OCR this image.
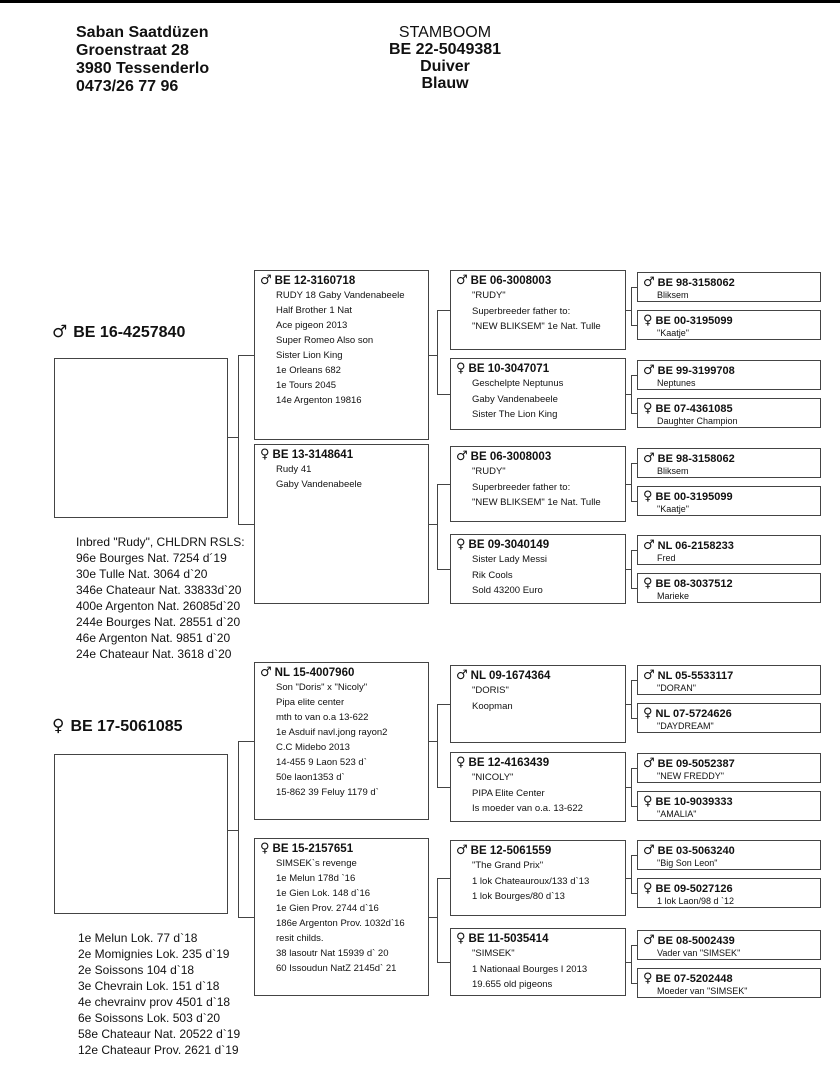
Saban Saatdüzen
Groenstraat 28
3980 Tessenderlo
0473/26 77 96
STAMBOOM
BE 22-5049381
Duiver
Blauw
♂ BE 16-4257840
Inbred "Rudy", CHLDRN RSLS:
96e Bourges Nat. 7254 d´19
30e Tulle Nat. 3064 d`20
346e Chateaur Nat. 33833d`20
400e Argenton Nat. 26085d`20
244e Bourges Nat. 28551 d`20
46e Argenton Nat. 9851 d`20
24e Chateaur Nat. 3618 d`20
♀ BE 17-5061085
1e Melun Lok. 77 d`18
2e Momignies Lok. 235 d`19
2e Soissons 104 d`18
3e Chevrain Lok. 151 d`18
4e chevrainv prov 4501 d`18
6e Soissons Lok. 503 d`20
58e Chateaur Nat. 20522 d`19
12e Chateaur Prov. 2621 d`19
♂ BE 12-3160718
RUDY 18 Gaby Vandenabeele
Half Brother 1 Nat
Ace pigeon 2013
Super Romeo Also son
Sister Lion King
1e Orleans 682
1e Tours 2045
14e Argenton 19816
♀ BE 13-3148641
Rudy 41
Gaby Vandenabeele
♂ NL 15-4007960
Son "Doris" x "Nicoly"
Pipa elite center
mth to van o.a 13-622
1e Asduif navl.jong rayon2
C.C Midebo 2013
14-455 9 Laon 523 d`
50e laon1353 d`
15-862 39 Feluy 1179 d`
♀ BE 15-2157651
SIMSEK`s revenge
1e Melun 178d `16
1e Gien Lok. 148 d`16
1e Gien Prov. 2744 d`16
186e Argenton Prov. 1032d`16
resit childs.
38 lasoutr Nat 15939 d` 20
60 Issoudun NatZ 2145d` 21
♂ BE 06-3008003
"RUDY"
Superbreeder father to:
"NEW BLIKSEM" 1e Nat. Tulle
♀ BE 10-3047071
Geschelpte Neptunus
Gaby Vandenabeele
Sister The Lion King
♂ BE 06-3008003
"RUDY"
Superbreeder father to:
"NEW BLIKSEM" 1e Nat. Tulle
♀ BE 09-3040149
Sister Lady Messi
Rik Cools
Sold 43200 Euro
♂ NL 09-1674364
"DORIS"
Koopman
♀ BE 12-4163439
"NICOLY"
PIPA Elite Center
Is moeder van o.a. 13-622
♂ BE 12-5061559
"The Grand Prix"
1 lok Chateauroux/133 d`13
1 lok Bourges/80 d`13
♀ BE 11-5035414
"SIMSEK"
1 Nationaal Bourges I 2013
19.655 old pigeons
♂ BE 98-3158062
Bliksem
♀ BE 00-3195099
"Kaatje"
♂ BE 99-3199708
Neptunes
♀ BE 07-4361085
Daughter Champion
♂ BE 98-3158062
Bliksem
♀ BE 00-3195099
"Kaatje"
♂ NL 06-2158233
Fred
♀ BE 08-3037512
Marieke
♂ NL 05-5533117
"DORAN"
♀ NL 07-5724626
"DAYDREAM"
♂ BE 09-5052387
"NEW FREDDY"
♀ BE 10-9039333
"AMALIA"
♂ BE 03-5063240
"Big Son Leon"
♀ BE 09-5027126
1 lok Laon/98 d `12
♂ BE 08-5002439
Vader van "SIMSEK"
♀ BE 07-5202448
Moeder van "SIMSEK"
